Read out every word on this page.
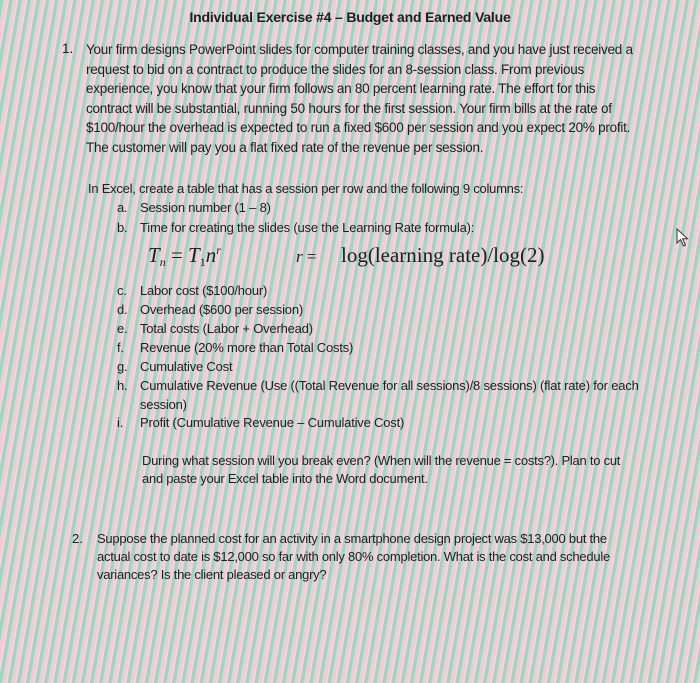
Individual Exercise #4 – Budget and Earned Value
1. Your firm designs PowerPoint slides for computer training classes, and you have just received a
request to bid on a contract to produce the slides for an 8-session class. From previous
experience, you know that your firm follows an 80 percent learning rate. The effort for this
contract will be substantial, running 50 hours for the first session. Your firm bills at the rate of
$100/hour the overhead is expected to run a fixed $600 per session and you expect 20% profit.
The customer will pay you a flat fixed rate of the revenue per session.
In Excel, create a table that has a session per row and the following 9 columns:
a. Session number (1 – 8)
b. Time for creating the slides (use the Learning Rate formula):
$T_n = T_1n^r$	r = log(learning rate)/log(2)
c. Labor cost ($100/hour)
d. Overhead ($600 per session)
e. Total costs (Labor + Overhead)
f. Revenue (20% more than Total Costs)
g. Cumulative Cost
h. Cumulative Revenue (Use ((Total Revenue for all sessions)/8 sessions) (flat rate) for each
session)
i. Profit (Cumulative Revenue – Cumulative Cost)
During what session will you break even? (When will the revenue = costs?). Plan to cut
and paste your Excel table into the Word document.
2. Suppose the planned cost for an activity in a smartphone design project was $13,000 but the
actual cost to date is $12,000 so far with only 80% completion. What is the cost and schedule
variances? Is the client pleased or angry?
